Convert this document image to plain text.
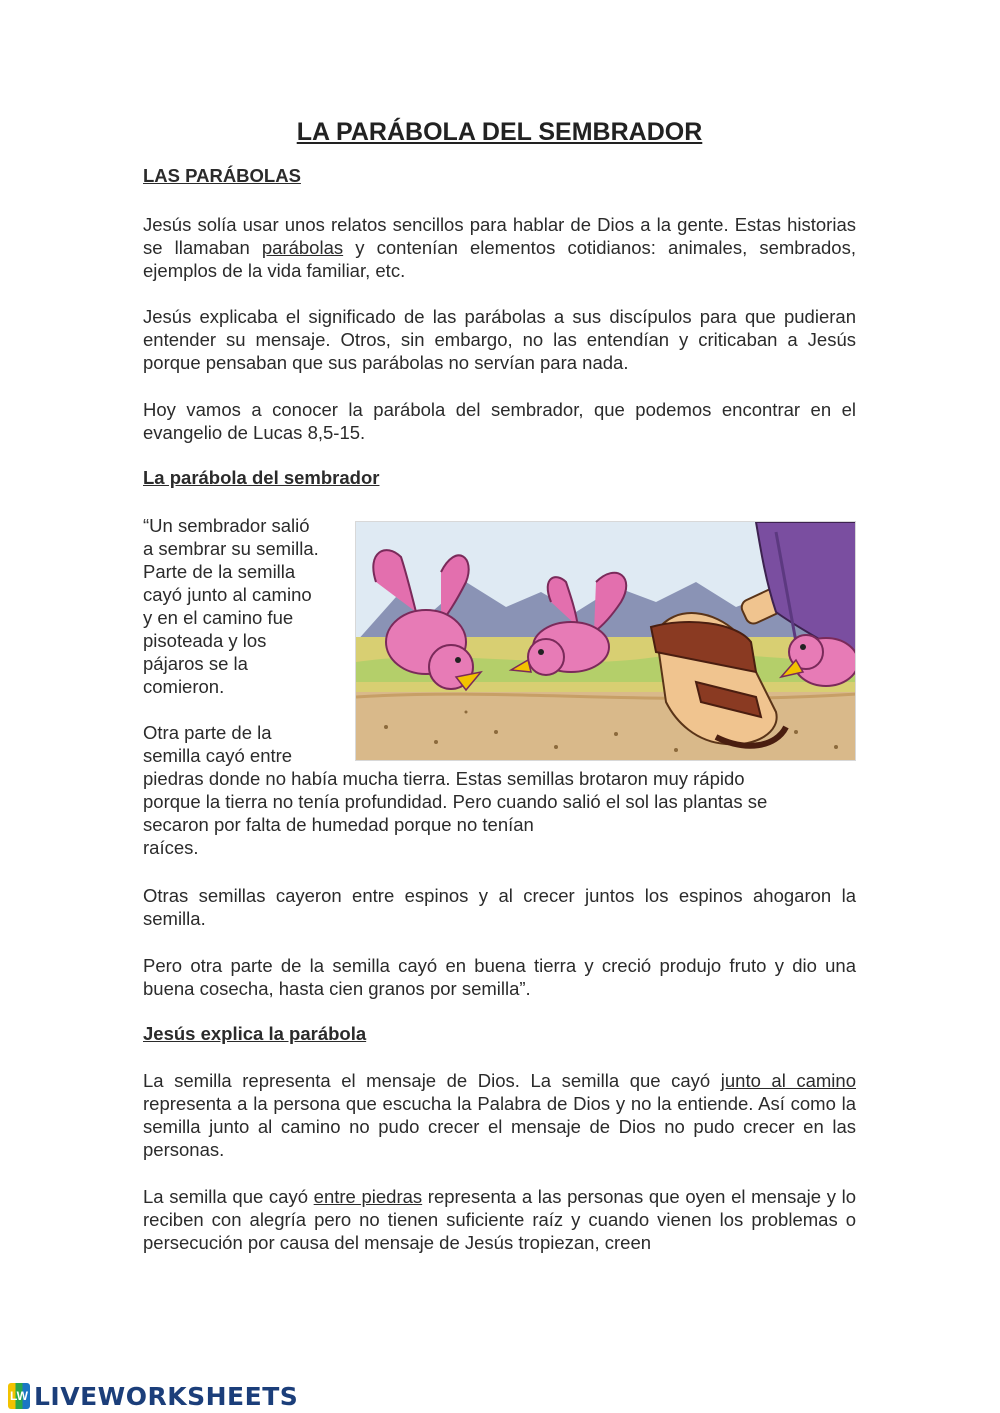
LA PARÁBOLA DEL SEMBRADOR
LAS PARÁBOLAS

Jesús solía usar unos relatos sencillos para hablar de Dios a la gente. Estas historias se llamaban parábolas y contenían elementos cotidianos: animales, sembrados, ejemplos de la vida familiar, etc.

Jesús explicaba el significado de las parábolas a sus discípulos para que pudieran entender su mensaje. Otros, sin embargo, no las entendían y criticaban a Jesús porque pensaban que sus parábolas no servían para nada.

Hoy vamos a conocer la parábola del sembrador, que podemos encontrar en el evangelio de Lucas 8,5-15.

La parábola del sembrador

“Un sembrador salió
a sembrar su semilla.
Parte de la semilla
cayó junto al camino
y en el camino fue
pisoteada y los
pájaros se la
comieron.

Otra parte de la
semilla cayó entre
piedras donde no había mucha tierra. Estas semillas brotaron muy rápido
porque la tierra no tenía profundidad. Pero cuando salió el sol las plantas se
secaron por falta de humedad porque no tenían
raíces.

Otras semillas cayeron entre espinos y al crecer juntos los espinos ahogaron la semilla.

Pero otra parte de la semilla cayó en buena tierra y creció produjo fruto y dio una buena cosecha, hasta cien granos por semilla”.

Jesús explica la parábola

La semilla representa el mensaje de Dios. La semilla que cayó junto al camino representa a la persona que escucha la Palabra de Dios y no la entiende. Así como la semilla junto al camino no pudo crecer el mensaje de Dios no pudo crecer en las personas.

La semilla que cayó entre piedras representa a las personas que oyen el mensaje y lo reciben con alegría pero no tienen suficiente raíz y cuando vienen los problemas o persecución por causa del mensaje de Jesús tropiezan, creen

LW LIVEWORKSHEETS
